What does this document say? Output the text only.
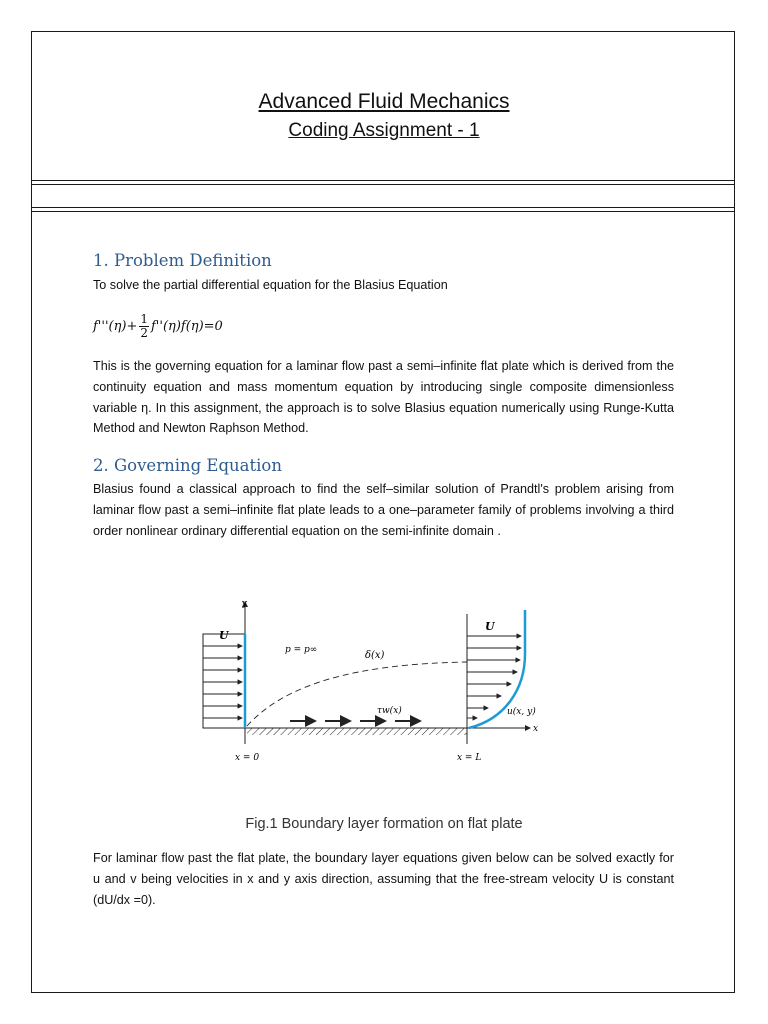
Advanced Fluid Mechanics
Coding Assignment - 1
1. Problem Definition

To solve the partial differential equation for the Blasius Equation

$f'''(\eta)+ \frac{1}{2} f''(\eta)f(\eta)=0$

This is the governing equation for a laminar flow past a semi–infinite flat plate which is derived from the continuity equation and mass momentum equation by introducing single composite dimensionless variable η. In this assignment, the approach is to solve Blasius equation numerically using Runge-Kutta Method and Newton Raphson Method.

2. Governing Equation

Blasius found a classical approach to find the self–similar solution of Prandtl's problem arising from laminar flow past a semi–infinite flat plate leads to a one–parameter family of problems involving a third order nonlinear ordinary differential equation on the semi-infinite domain .

y
x
U
p = p∞	δ(x)
τw(x)
U
u(x, y)
x = 0	x = L
Fig.1 Boundary layer formation on flat plate

For laminar flow past the flat plate, the boundary layer equations given below can be solved exactly for u and v being velocities in x and y axis direction, assuming that the free-stream velocity U is constant (dU/dx =0).
